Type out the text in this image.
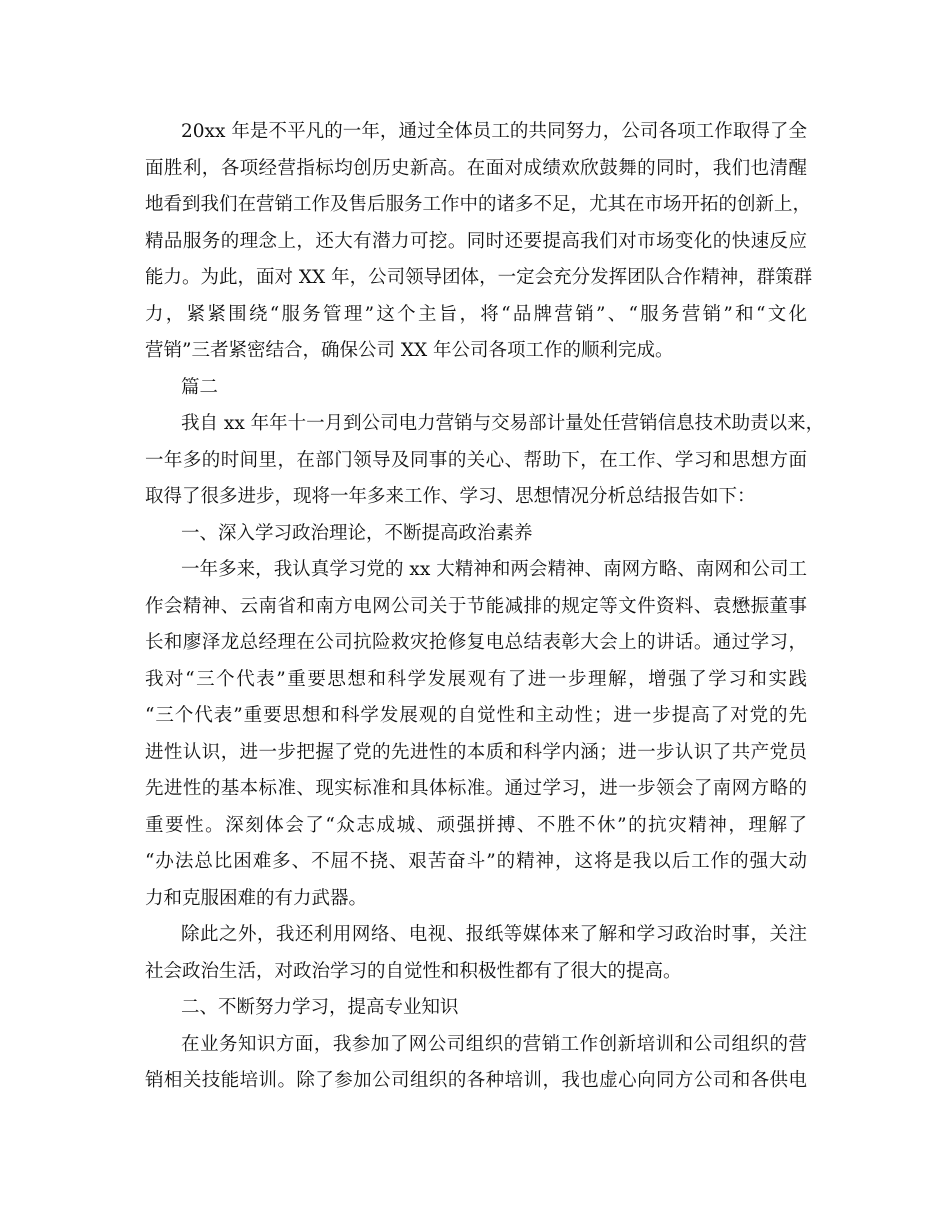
20xx 年是不平凡的一年，通过全体员工的共同努力，公司各项工作取得了全
面胜利，各项经营指标均创历史新高。在面对成绩欢欣鼓舞的同时，我们也清醒
地看到我们在营销工作及售后服务工作中的诸多不足，尤其在市场开拓的创新上，
精品服务的理念上，还大有潜力可挖。同时还要提高我们对市场变化的快速反应
能力。为此，面对 XX 年，公司领导团体，一定会充分发挥团队合作精神，群策群
力，紧紧围绕“服务管理”这个主旨，将“品牌营销”、“服务营销”和“文化
营销”三者紧密结合，确保公司 XX 年公司各项工作的顺利完成。
篇二
我自 xx 年年十一月到公司电力营销与交易部计量处任营销信息技术助责以来，
一年多的时间里，在部门领导及同事的关心、帮助下，在工作、学习和思想方面
取得了很多进步，现将一年多来工作、学习、思想情况分析总结报告如下：
一、深入学习政治理论，不断提高政治素养
一年多来，我认真学习党的 xx 大精神和两会精神、南网方略、南网和公司工
作会精神、云南省和南方电网公司关于节能减排的规定等文件资料、袁懋振董事
长和廖泽龙总经理在公司抗险救灾抢修复电总结表彰大会上的讲话。通过学习，
我对“三个代表”重要思想和科学发展观有了进一步理解，增强了学习和实践
“三个代表”重要思想和科学发展观的自觉性和主动性；进一步提高了对党的先
进性认识，进一步把握了党的先进性的本质和科学内涵；进一步认识了共产党员
先进性的基本标准、现实标准和具体标准。通过学习，进一步领会了南网方略的
重要性。深刻体会了“众志成城、顽强拼搏、不胜不休”的抗灾精神，理解了
“办法总比困难多、不屈不挠、艰苦奋斗”的精神，这将是我以后工作的强大动
力和克服困难的有力武器。
除此之外，我还利用网络、电视、报纸等媒体来了解和学习政治时事，关注
社会政治生活，对政治学习的自觉性和积极性都有了很大的提高。
二、不断努力学习，提高专业知识
在业务知识方面，我参加了网公司组织的营销工作创新培训和公司组织的营
销相关技能培训。除了参加公司组织的各种培训，我也虚心向同方公司和各供电
